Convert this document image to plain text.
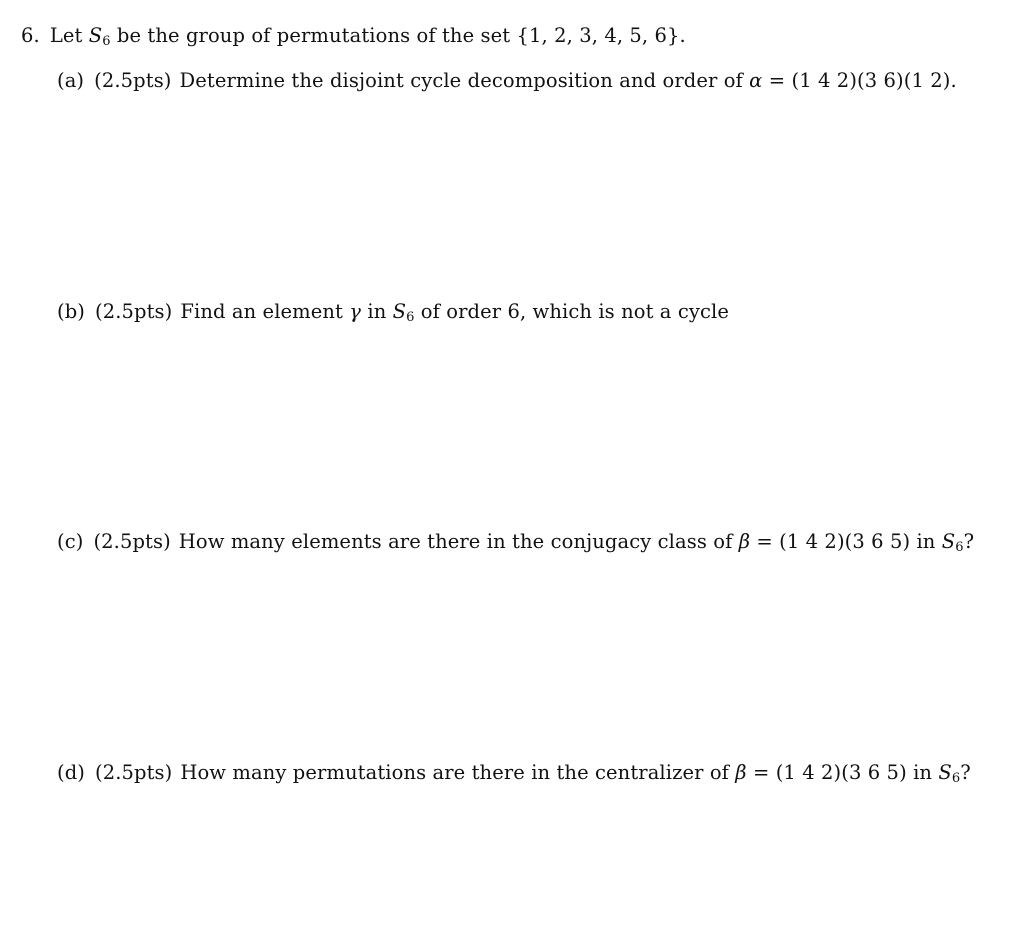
6. Let $S_6$ be the group of permutations of the set {1, 2, 3, 4, 5, 6}.
(a) (2.5pts) Determine the disjoint cycle decomposition and order of α = (1 4 2)(3 6)(1 2).
(b) (2.5pts) Find an element γ in $S_6$ of order 6, which is not a cycle
(c) (2.5pts) How many elements are there in the conjugacy class of β = (1 4 2)(3 6 5) in $S_6$?
(d) (2.5pts) How many permutations are there in the centralizer of β = (1 4 2)(3 6 5) in $S_6$?
